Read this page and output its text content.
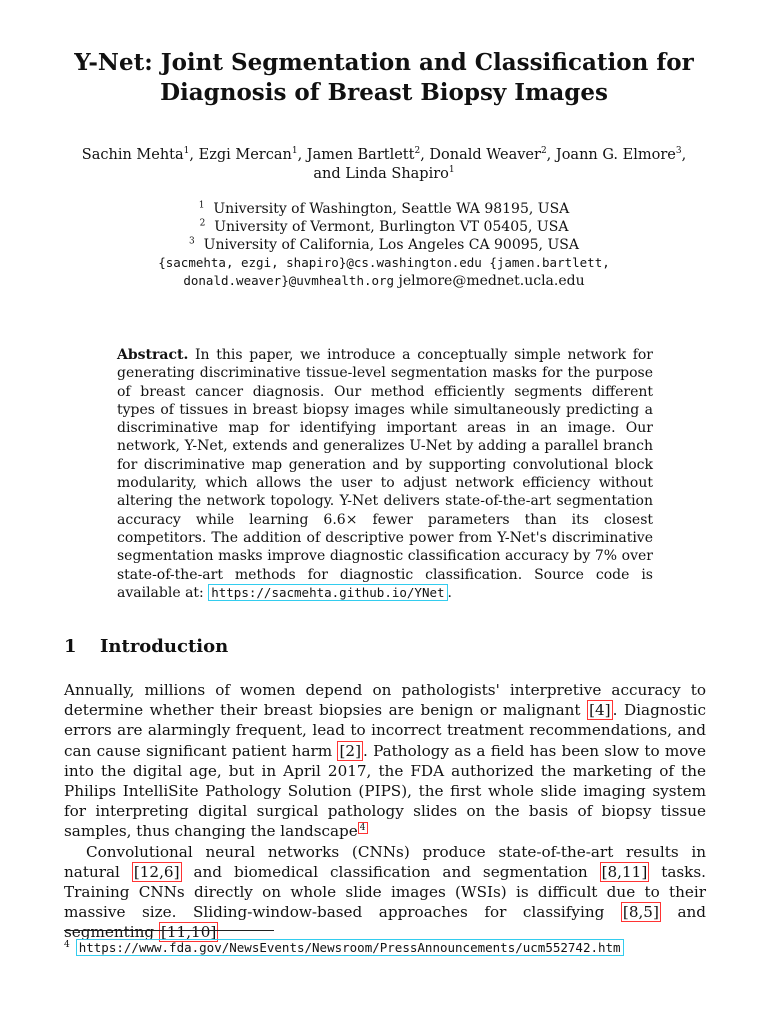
Y-Net: Joint Segmentation and Classification for
Diagnosis of Breast Biopsy Images
Sachin Mehta$^1$, Ezgi Mercan$^1$, Jamen Bartlett$^2$, Donald Weaver$^2$, Joann G. Elmore$^3$, and Linda Shapiro$^1$
$^1$ University of Washington, Seattle WA 98195, USA
$^2$ University of Vermont, Burlington VT 05405, USA
$^3$ University of California, Los Angeles CA 90095, USA
{sacmehta, ezgi, shapiro}@cs.washington.edu {jamen.bartlett,
donald.weaver}@uvmhealth.org jelmore@mednet.ucla.edu

Abstract. In this paper, we introduce a conceptually simple network for generating discriminative tissue-level segmentation masks for the purpose of breast cancer diagnosis. Our method efficiently segments different types of tissues in breast biopsy images while simultaneously predicting a discriminative map for identifying important areas in an image. Our network, Y-Net, extends and generalizes U-Net by adding a parallel branch for discriminative map generation and by supporting convolutional block modularity, which allows the user to adjust network efficiency without altering the network topology. Y-Net delivers state-of-the-art segmentation accuracy while learning 6.6× fewer parameters than its closest competitors. The addition of descriptive power from Y-Net's discriminative segmentation masks improve diagnostic classification accuracy by 7% over state-of-the-art methods for diagnostic classification. Source code is available at: https://sacmehta.github.io/YNet .

1 Introduction

Annually, millions of women depend on pathologists' interpretive accuracy to determine whether their breast biopsies are benign or malignant [4] . Diagnostic errors are alarmingly frequent, lead to incorrect treatment recommendations, and can cause significant patient harm [2] . Pathology as a field has been slow to move into the digital age, but in April 2017, the FDA authorized the marketing of the Philips IntelliSite Pathology Solution (PIPS), the first whole slide imaging system for interpreting digital surgical pathology slides on the basis of biopsy tissue samples, thus changing the landscape $^4$

Convolutional neural networks (CNNs) produce state-of-the-art results in natural [12,6] and biomedical classification and segmentation [8,11] tasks. Training CNNs directly on whole slide images (WSIs) is difficult due to their massive size. Sliding-window-based approaches for classifying [8,5] and segmenting [11,10]

$^4$ https://www.fda.gov/NewsEvents/Newsroom/PressAnnouncements/ucm552742.htm
